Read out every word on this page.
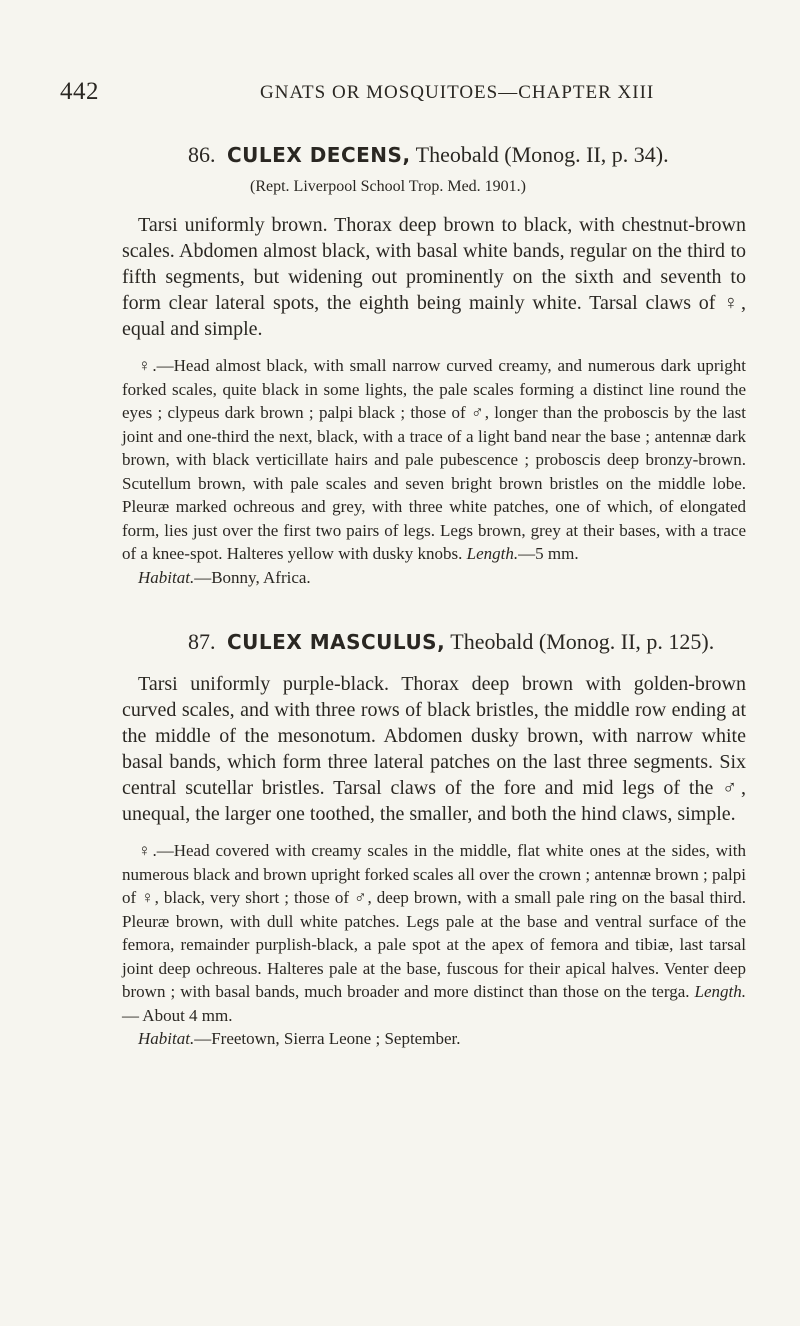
442	GNATS OR MOSQUITOES—CHAPTER XIII
86. CULEX DECENS, Theobald (Monog. II, p. 34).
(Rept. Liverpool School Trop. Med. 1901.)

Tarsi uniformly brown. Thorax deep brown to black, with chestnut-brown scales. Abdomen almost black, with basal white bands, regular on the third to fifth segments, but widening out prominently on the sixth and seventh to form clear lateral spots, the eighth being mainly white. Tarsal claws of ♀, equal and simple.

♀.—Head almost black, with small narrow curved creamy, and numerous dark upright forked scales, quite black in some lights, the pale scales forming a distinct line round the eyes ; clypeus dark brown ; palpi black ; those of ♂, longer than the proboscis by the last joint and one-third the next, black, with a trace of a light band near the base ; antennæ dark brown, with black verticillate hairs and pale pubescence ; proboscis deep bronzy-brown. Scutellum brown, with pale scales and seven bright brown bristles on the middle lobe. Pleuræ marked ochreous and grey, with three white patches, one of which, of elongated form, lies just over the first two pairs of legs. Legs brown, grey at their bases, with a trace of a knee-spot. Halteres yellow with dusky knobs. Length.—5 mm.

Habitat.—Bonny, Africa.

87. CULEX MASCULUS, Theobald (Monog. II, p. 125).

Tarsi uniformly purple-black. Thorax deep brown with golden-brown curved scales, and with three rows of black bristles, the middle row ending at the middle of the mesonotum. Abdomen dusky brown, with narrow white basal bands, which form three lateral patches on the last three segments. Six central scutellar bristles. Tarsal claws of the fore and mid legs of the ♂, unequal, the larger one toothed, the smaller, and both the hind claws, simple.

♀.—Head covered with creamy scales in the middle, flat white ones at the sides, with numerous black and brown upright forked scales all over the crown ; antennæ brown ; palpi of ♀, black, very short ; those of ♂, deep brown, with a small pale ring on the basal third. Pleuræ brown, with dull white patches. Legs pale at the base and ventral surface of the femora, remainder purplish-black, a pale spot at the apex of femora and tibiæ, last tarsal joint deep ochreous. Halteres pale at the base, fuscous for their apical halves. Venter deep brown ; with basal bands, much broader and more distinct than those on the terga. Length.— About 4 mm.

Habitat.—Freetown, Sierra Leone ; September.
